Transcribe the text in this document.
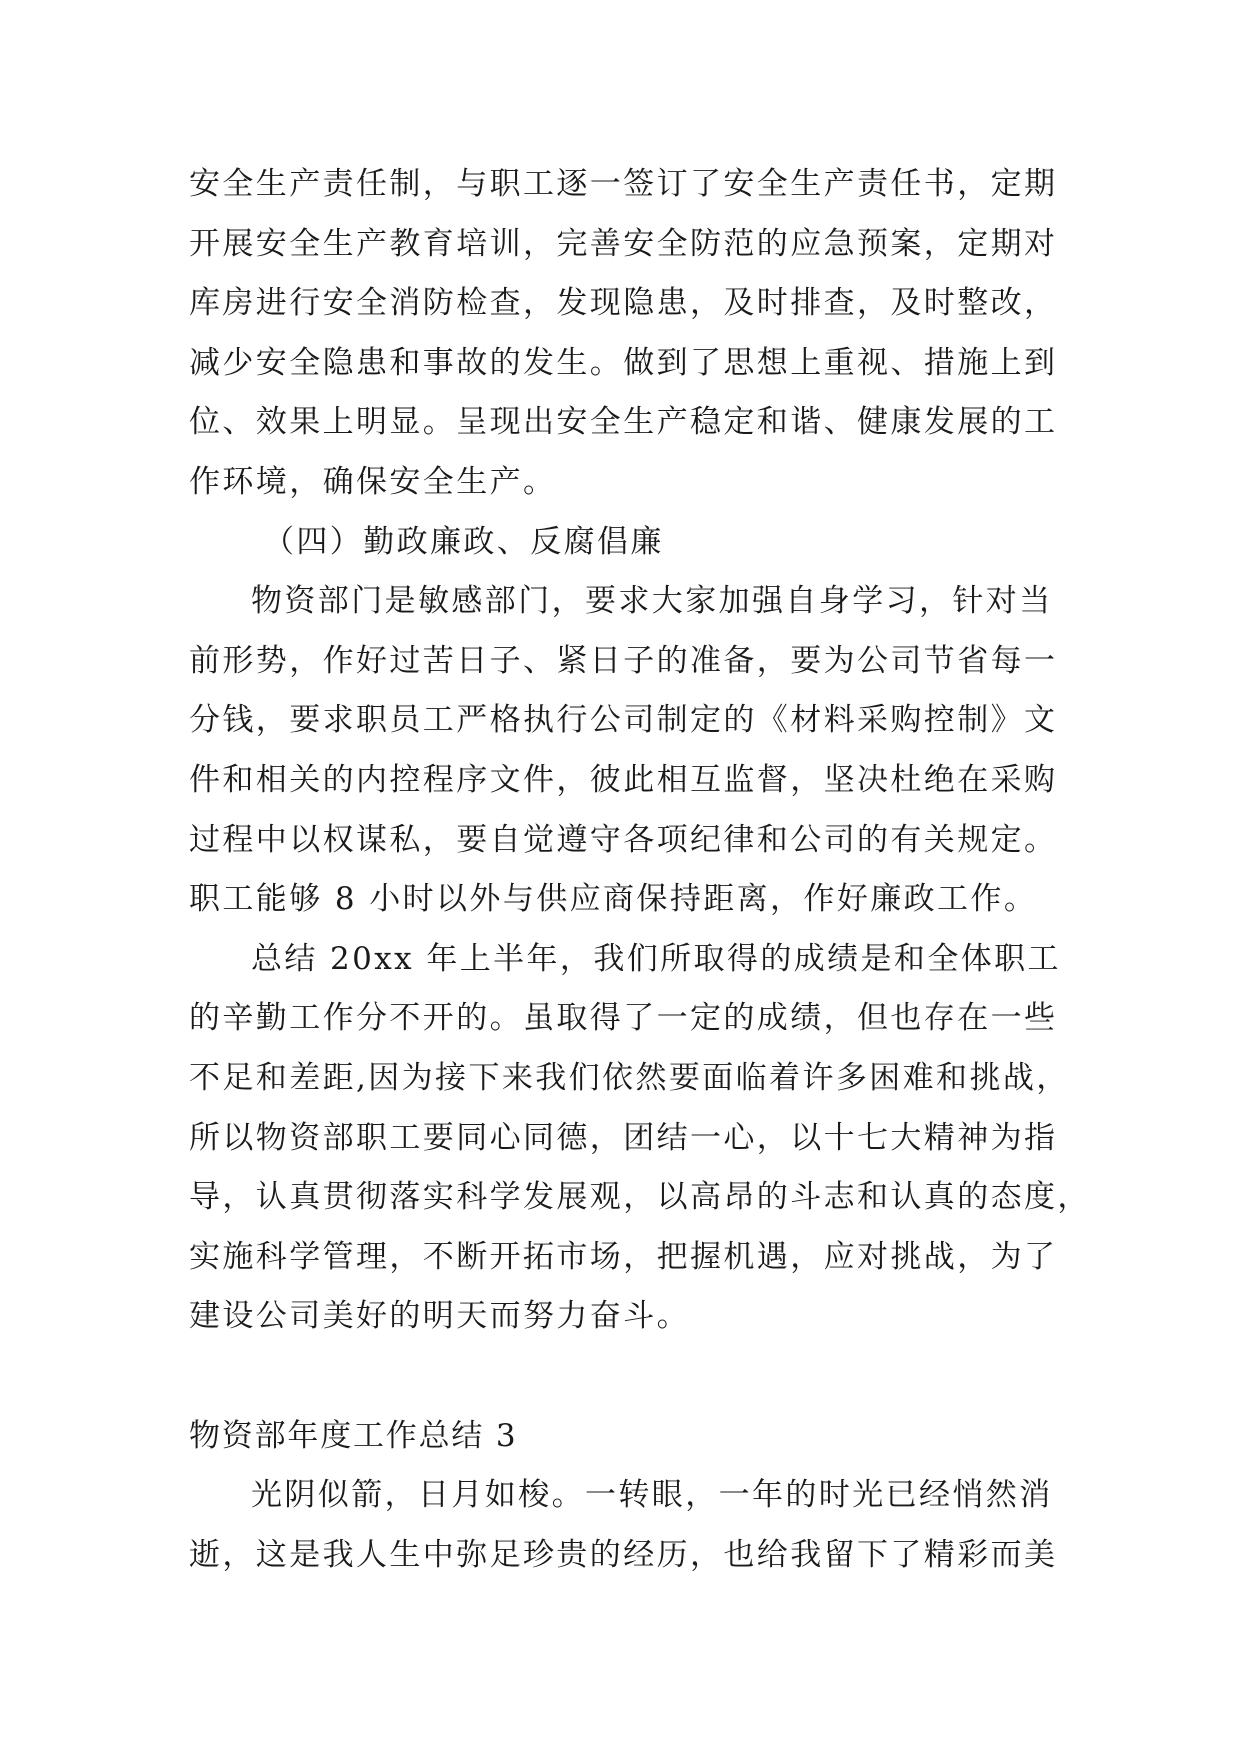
安全生产责任制，与职工逐一签订了安全生产责任书，定期
开展安全生产教育培训，完善安全防范的应急预案，定期对
库房进行安全消防检查，发现隐患，及时排查，及时整改，
减少安全隐患和事故的发生。做到了思想上重视、措施上到
位、效果上明显。呈现出安全生产稳定和谐、健康发展的工
作环境，确保安全生产。
（四）勤政廉政、反腐倡廉
物资部门是敏感部门，要求大家加强自身学习，针对当
前形势，作好过苦日子、紧日子的准备，要为公司节省每一
分钱，要求职员工严格执行公司制定的《材料采购控制》文
件和相关的内控程序文件，彼此相互监督，坚决杜绝在采购
过程中以权谋私，要自觉遵守各项纪律和公司的有关规定。
职工能够 8 小时以外与供应商保持距离，作好廉政工作。
总结 20xx 年上半年，我们所取得的成绩是和全体职工
的辛勤工作分不开的。虽取得了一定的成绩，但也存在一些
不足和差距,因为接下来我们依然要面临着许多困难和挑战，
所以物资部职工要同心同德，团结一心，以十七大精神为指
导，认真贯彻落实科学发展观，以高昂的斗志和认真的态度，
实施科学管理，不断开拓市场，把握机遇，应对挑战，为了
建设公司美好的明天而努力奋斗。
物资部年度工作总结 3
光阴似箭，日月如梭。一转眼，一年的时光已经悄然消
逝，这是我人生中弥足珍贵的经历，也给我留下了精彩而美
